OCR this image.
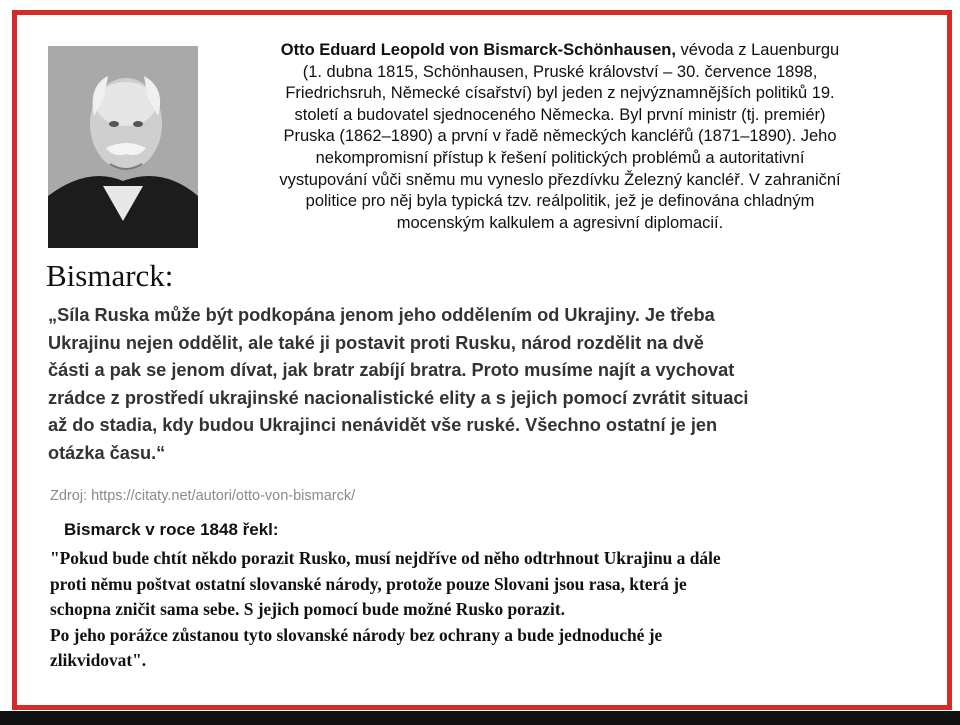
Otto Eduard Leopold von Bismarck-Schönhausen, vévoda z Lauenburgu
(1. dubna 1815, Schönhausen, Pruské království – 30. července 1898,
Friedrichsruh, Německé císařství) byl jeden z nejvýznamnějších politiků 19.
století a budovatel sjednoceného Německa. Byl první ministr (tj. premiér)
Pruska (1862–1890) a první v řadě německých kancléřů (1871–1890). Jeho
nekompromisní přístup k řešení politických problémů a autoritativní
vystupování vůči sněmu mu vyneslo přezdívku Železný kancléř. V zahraniční
politice pro něj byla typická tzv. reálpolitik, jež je definována chladným
mocenským kalkulem a agresivní diplomacií.
Bismarck:
„Síla Ruska může být podkopána jenom jeho oddělením od Ukrajiny. Je třeba
Ukrajinu nejen oddělit, ale také ji postavit proti Rusku, národ rozdělit na dvě
části a pak se jenom dívat, jak bratr zabíjí bratra. Proto musíme najít a vychovat
zrádce z prostředí ukrajinské nacionalistické elity a s jejich pomocí zvrátit situaci
až do stadia, kdy budou Ukrajinci nenávidět vše ruské. Všechno ostatní je jen
otázka času.“
Zdroj: https://citaty.net/autori/otto-von-bismarck/
Bismarck v roce 1848 řekl:
"Pokud bude chtít někdo porazit Rusko, musí nejdříve od něho odtrhnout Ukrajinu a dále
proti němu poštvat ostatní slovanské národy, protože pouze Slovani jsou rasa, která je
schopna zničit sama sebe. S jejich pomocí bude možné Rusko porazit.
Po jeho porážce zůstanou tyto slovanské národy bez ochrany a bude jednoduché je
zlikvidovat".
